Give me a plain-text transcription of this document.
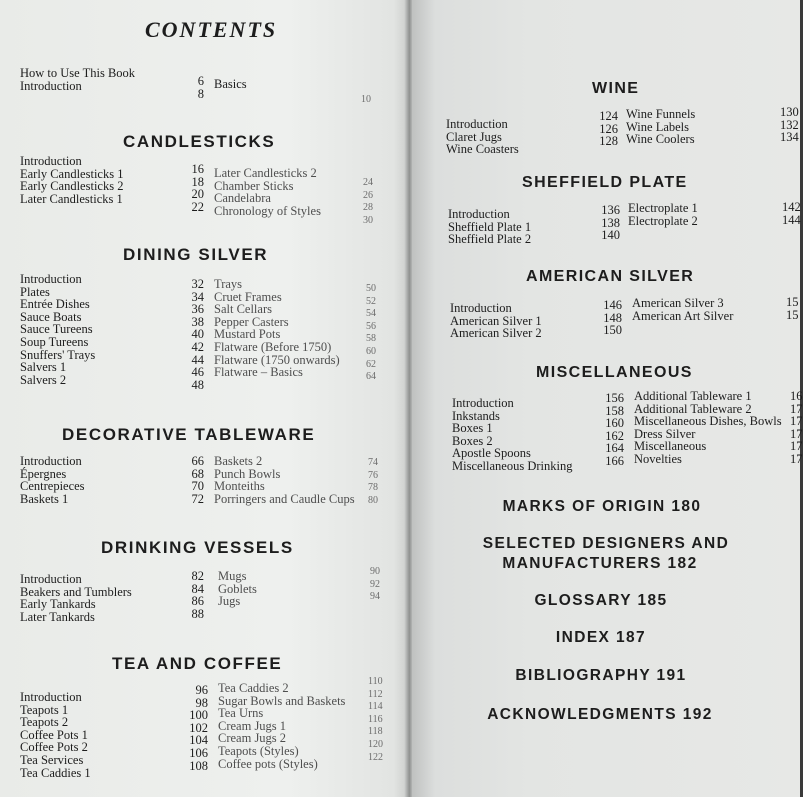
CONTENTS
How to Use This Book
Introduction	6
8
Basics
10
CANDLESTICKS
Introduction
Early Candlesticks 1
Early Candlesticks 2
Later Candlesticks 1
16
18
20
22
Later Candlesticks 2
Chamber Sticks
Candelabra
Chronology of Styles
24
26
28
30
DINING SILVER
Introduction
Plates
Entrée Dishes
Sauce Boats
Sauce Tureens
Soup Tureens
Snuffers' Trays
Salvers 1
Salvers 2
32
34
36
38
40
42
44
46
48
Trays
Cruet Frames
Salt Cellars
Pepper Casters
Mustard Pots
Flatware (Before 1750)
Flatware (1750 onwards)
Flatware – Basics
50
52
54
56
58
60
62
64
DECORATIVE TABLEWARE
Introduction
Épergnes
Centrepieces
Baskets 1
66
68
70
72
Baskets 2
Punch Bowls
Monteiths
Porringers and Caudle Cups
74
76
78
80
DRINKING VESSELS
Introduction
Beakers and Tumblers
Early Tankards
Later Tankards
82
84
86
88
Mugs
Goblets
Jugs
90
92
94
TEA AND COFFEE
Introduction
Teapots 1
Teapots 2
Coffee Pots 1
Coffee Pots 2
Tea Services
Tea Caddies 1
96
98
100
102
104
106
108
Tea Caddies 2
Sugar Bowls and Baskets
Tea Urns
Cream Jugs 1
Cream Jugs 2
Teapots (Styles)
Coffee pots (Styles)
110
112
114
116
118
120
122
WINE
Introduction
Claret Jugs
Wine Coasters
124
126
128
Wine Funnels
Wine Labels
Wine Coolers
130
132
134
SHEFFIELD PLATE
Introduction
Sheffield Plate 1
Sheffield Plate 2
136
138
140
Electroplate 1
Electroplate 2
142
144
AMERICAN SILVER
Introduction
American Silver 1
American Silver 2
146
148
150
American Silver 3
American Art Silver
15
15
MISCELLANEOUS
Introduction
Inkstands
Boxes 1
Boxes 2
Apostle Spoons
Miscellaneous Drinking
156
158
160
162
164
166
Additional Tableware 1
Additional Tableware 2
Miscellaneous Dishes, Bowls
Dress Silver
Miscellaneous
Novelties
16
17
17
17
17
17
MARKS OF ORIGIN 180
SELECTED DESIGNERS AND
MANUFACTURERS 182
GLOSSARY 185
INDEX 187
BIBLIOGRAPHY 191
ACKNOWLEDGMENTS 192
